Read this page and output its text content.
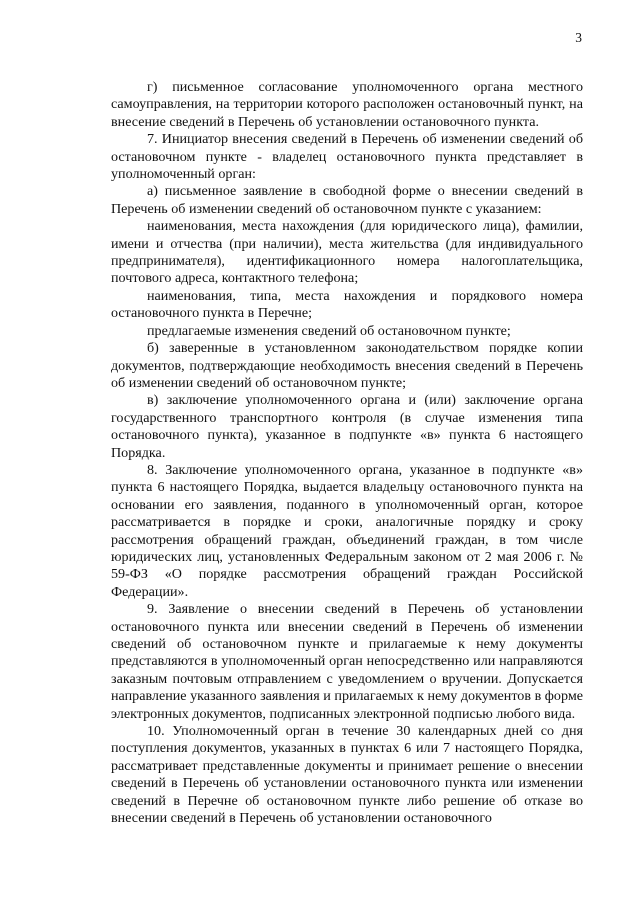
3

г) письменное согласование уполномоченного органа местного самоуправления, на территории которого расположен остановочный пункт, на внесение сведений в Перечень об установлении остановочного пункта.

7. Инициатор внесения сведений в Перечень об изменении сведений об остановочном пункте - владелец остановочного пункта представляет в уполномоченный орган:

а) письменное заявление в свободной форме о внесении сведений в Перечень об изменении сведений об остановочном пункте с указанием:

наименования, места нахождения (для юридического лица), фамилии, имени и отчества (при наличии), места жительства (для индивидуального предпринимателя), идентификационного номера налогоплательщика, почтового адреса, контактного телефона;

наименования, типа, места нахождения и порядкового номера остановочного пункта в Перечне;

предлагаемые изменения сведений об остановочном пункте;

б) заверенные в установленном законодательством порядке копии документов, подтверждающие необходимость внесения сведений в Перечень об изменении сведений об остановочном пункте;

в) заключение уполномоченного органа и (или) заключение органа государственного транспортного контроля (в случае изменения типа остановочного пункта), указанное в подпункте «в» пункта 6 настоящего Порядка.

8. Заключение уполномоченного органа, указанное в подпункте «в» пункта 6 настоящего Порядка, выдается владельцу остановочного пункта на основании его заявления, поданного в уполномоченный орган, которое рассматривается в порядке и сроки, аналогичные порядку и сроку рассмотрения обращений граждан, объединений граждан, в том числе юридических лиц, установленных Федеральным законом от 2 мая 2006 г. № 59-ФЗ «О порядке рассмотрения обращений граждан Российской Федерации».

9. Заявление о внесении сведений в Перечень об установлении остановочного пункта или внесении сведений в Перечень об изменении сведений об остановочном пункте и прилагаемые к нему документы представляются в уполномоченный орган непосредственно или направляются заказным почтовым отправлением с уведомлением о вручении. Допускается направление указанного заявления и прилагаемых к нему документов в форме электронных документов, подписанных электронной подписью любого вида.

10. Уполномоченный орган в течение 30 календарных дней со дня поступления документов, указанных в пунктах 6 или 7 настоящего Порядка, рассматривает представленные документы и принимает решение о внесении сведений в Перечень об установлении остановочного пункта или изменении сведений в Перечне об остановочном пункте либо решение об отказе во внесении сведений в Перечень об установлении остановочного
